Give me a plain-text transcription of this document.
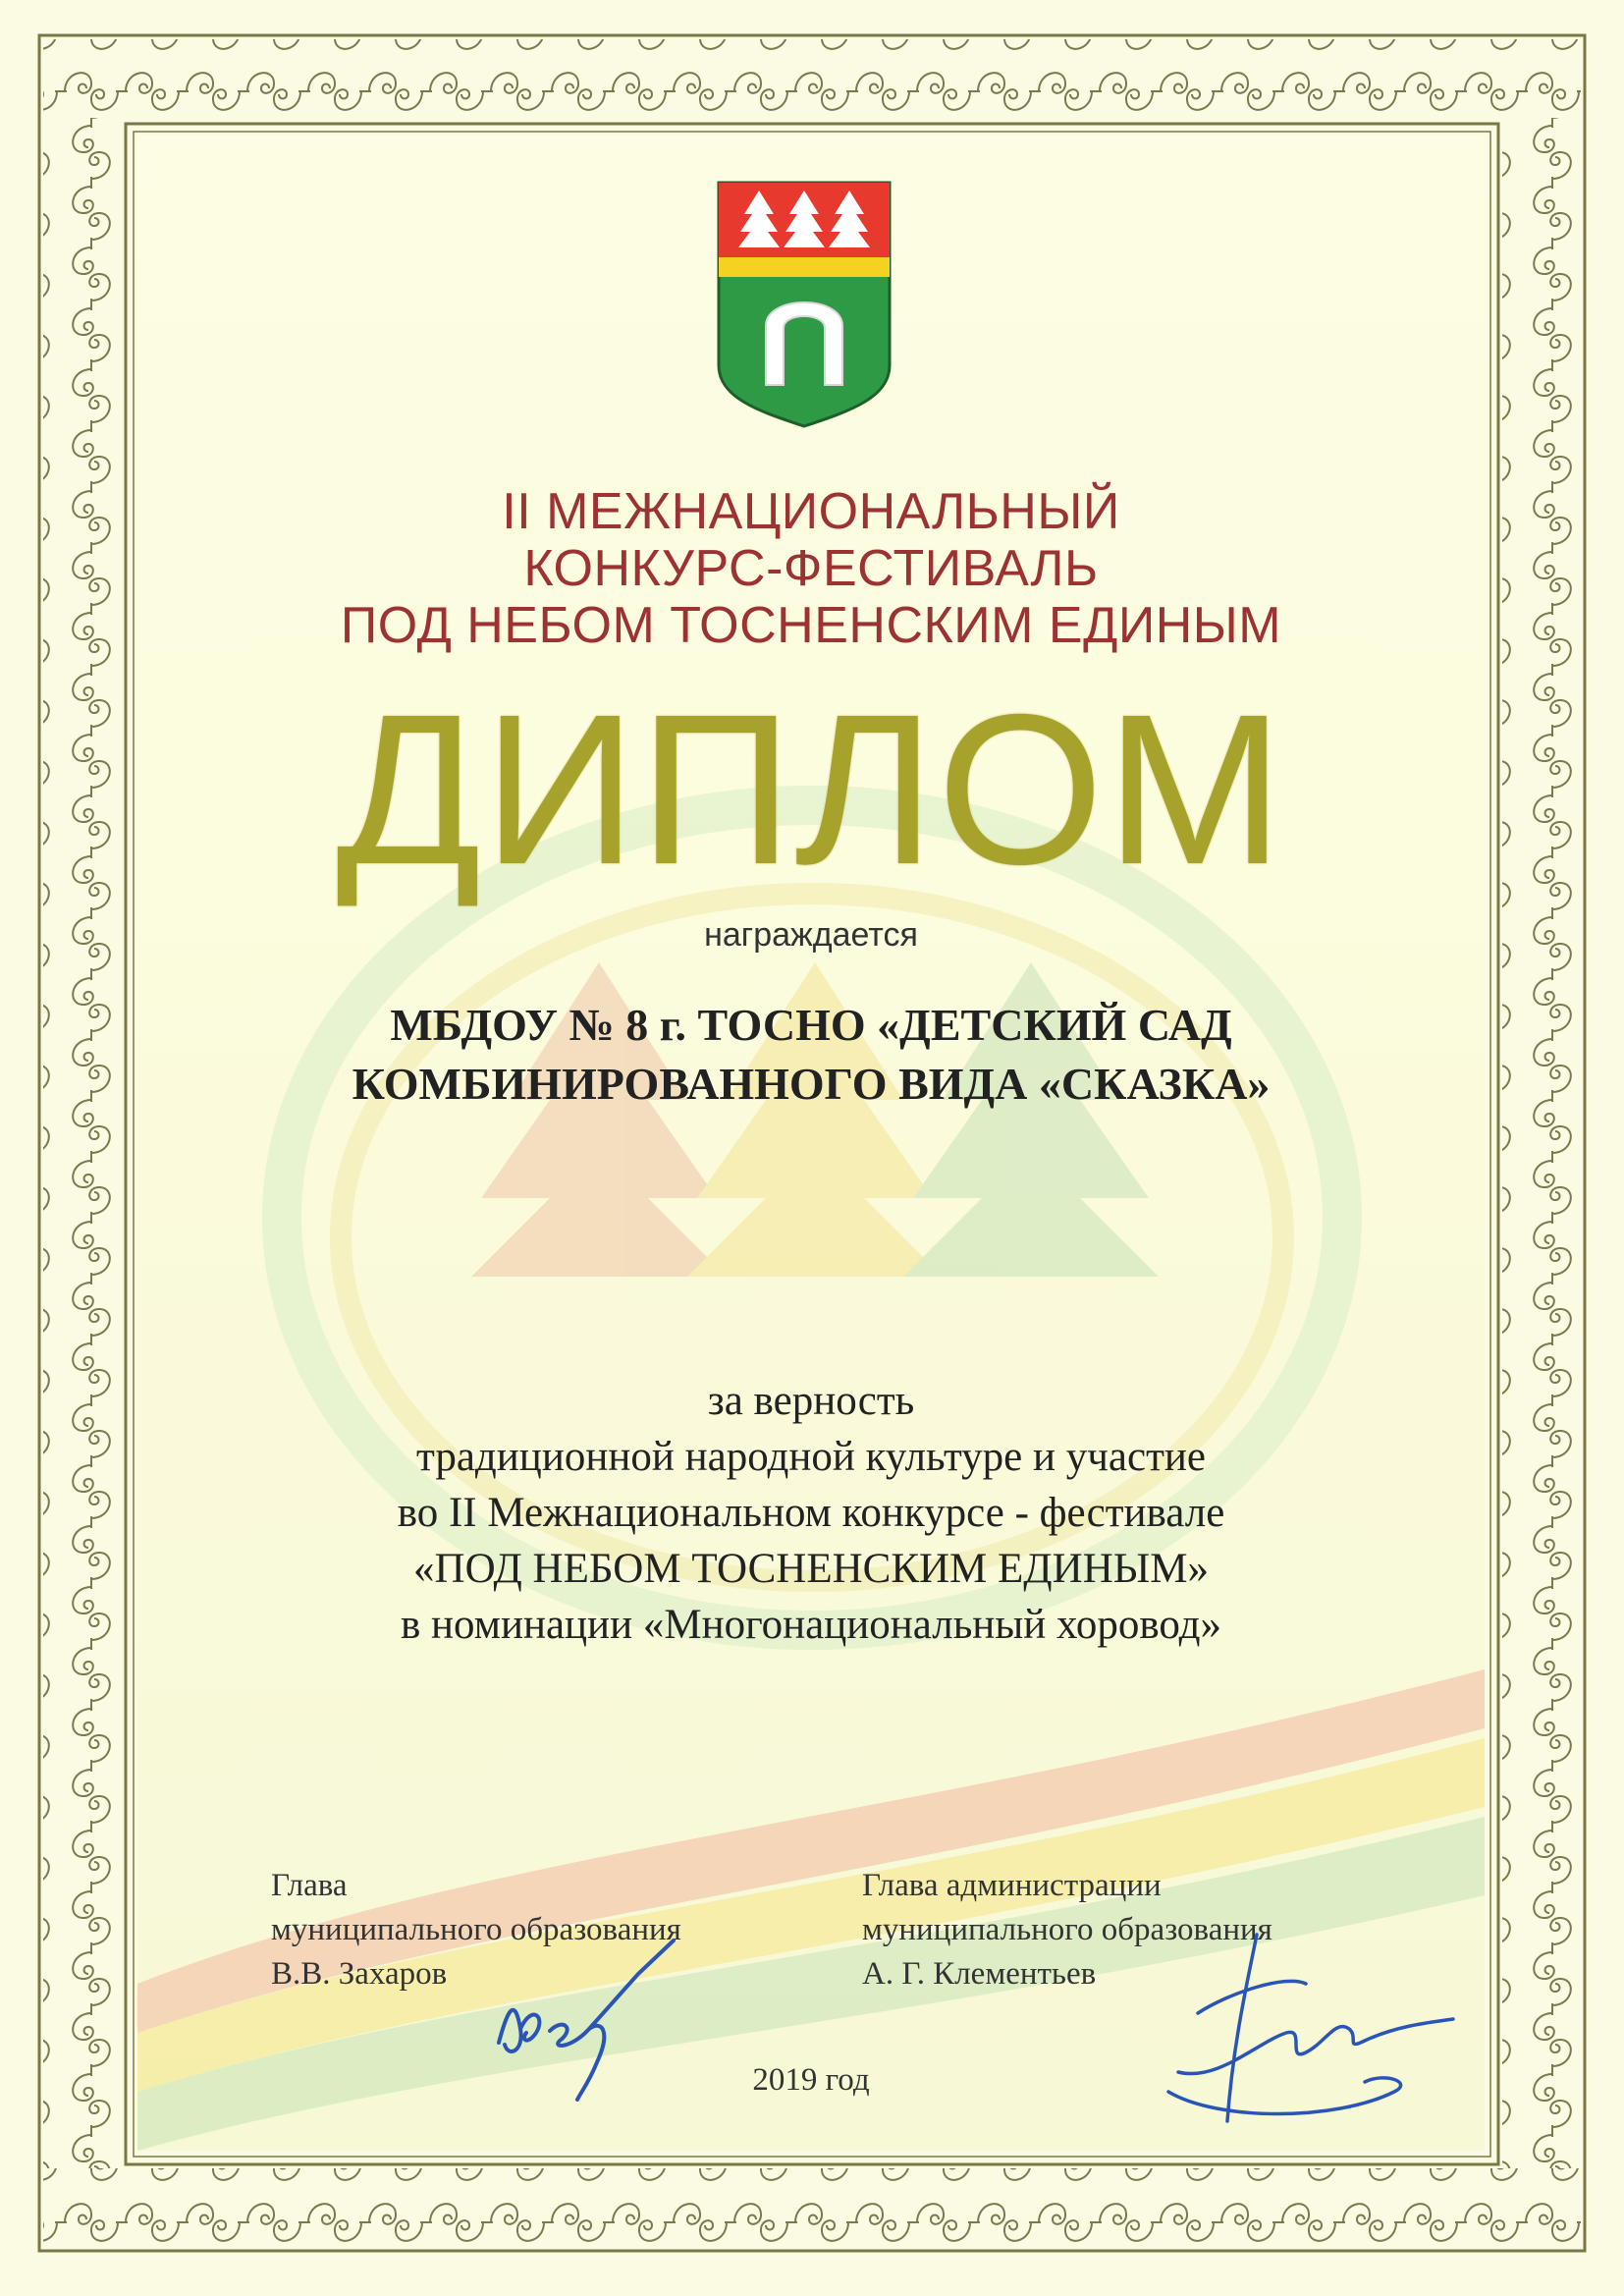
II МЕЖНАЦИОНАЛЬНЫЙ
КОНКУРС-ФЕСТИВАЛЬ
ПОД НЕБОМ ТОСНЕНСКИМ ЕДИНЫМ
ДИПЛОМ
награждается
МБДОУ № 8 г. ТОСНО «ДЕТСКИЙ САД
КОМБИНИРОВАННОГО ВИДА «СКАЗКА»
за верность
традиционной народной культуре и участие
во II Межнациональном конкурсе - фестивале
«ПОД НЕБОМ ТОСНЕНСКИМ ЕДИНЫМ»
в номинации «Многонациональный хоровод»
Глава
муниципального образования
В.В. Захаров
Глава администрации
муниципального образования
А. Г. Клементьев
2019 год
